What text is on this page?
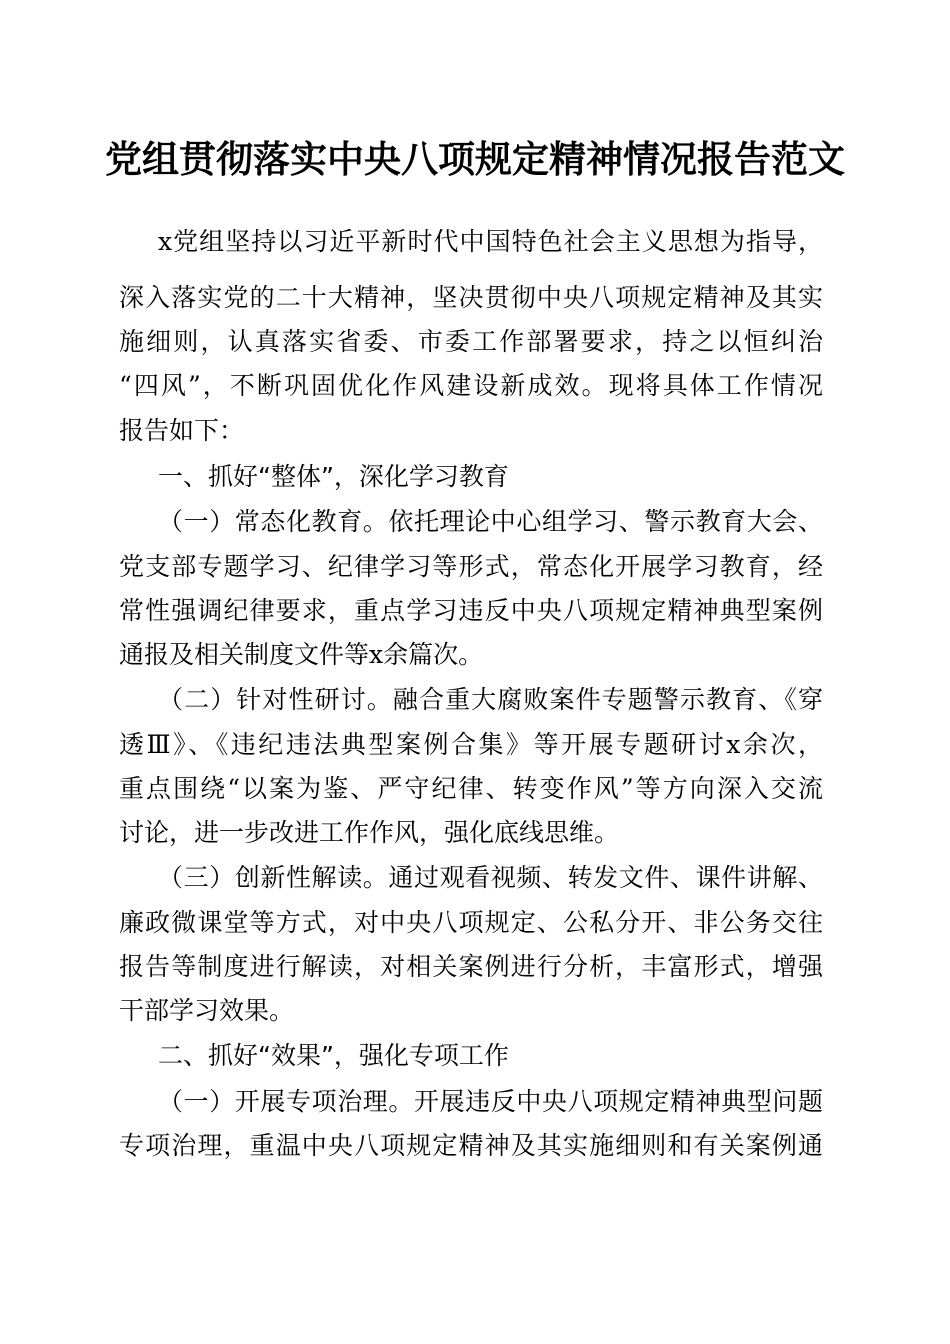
党组贯彻落实中央八项规定精神情况报告范文
x党组坚持以习近平新时代中国特色社会主义思想为指导，
深入落实党的二十大精神，坚决贯彻中央八项规定精神及其实
施细则，认真落实省委、市委工作部署要求，持之以恒纠治
“四风”，不断巩固优化作风建设新成效。现将具体工作情况
报告如下：
一、抓好“整体”，深化学习教育
（一）常态化教育。依托理论中心组学习、警示教育大会、
党支部专题学习、纪律学习等形式，常态化开展学习教育，经
常性强调纪律要求，重点学习违反中央八项规定精神典型案例
通报及相关制度文件等x余篇次。
（二）针对性研讨。融合重大腐败案件专题警示教育、《穿
透Ⅲ》、《违纪违法典型案例合集》等开展专题研讨x余次，
重点围绕“以案为鉴、严守纪律、转变作风”等方向深入交流
讨论，进一步改进工作作风，强化底线思维。
（三）创新性解读。通过观看视频、转发文件、课件讲解、
廉政微课堂等方式，对中央八项规定、公私分开、非公务交往
报告等制度进行解读，对相关案例进行分析，丰富形式，增强
干部学习效果。
二、抓好“效果”，强化专项工作
（一）开展专项治理。开展违反中央八项规定精神典型问题
专项治理，重温中央八项规定精神及其实施细则和有关案例通
